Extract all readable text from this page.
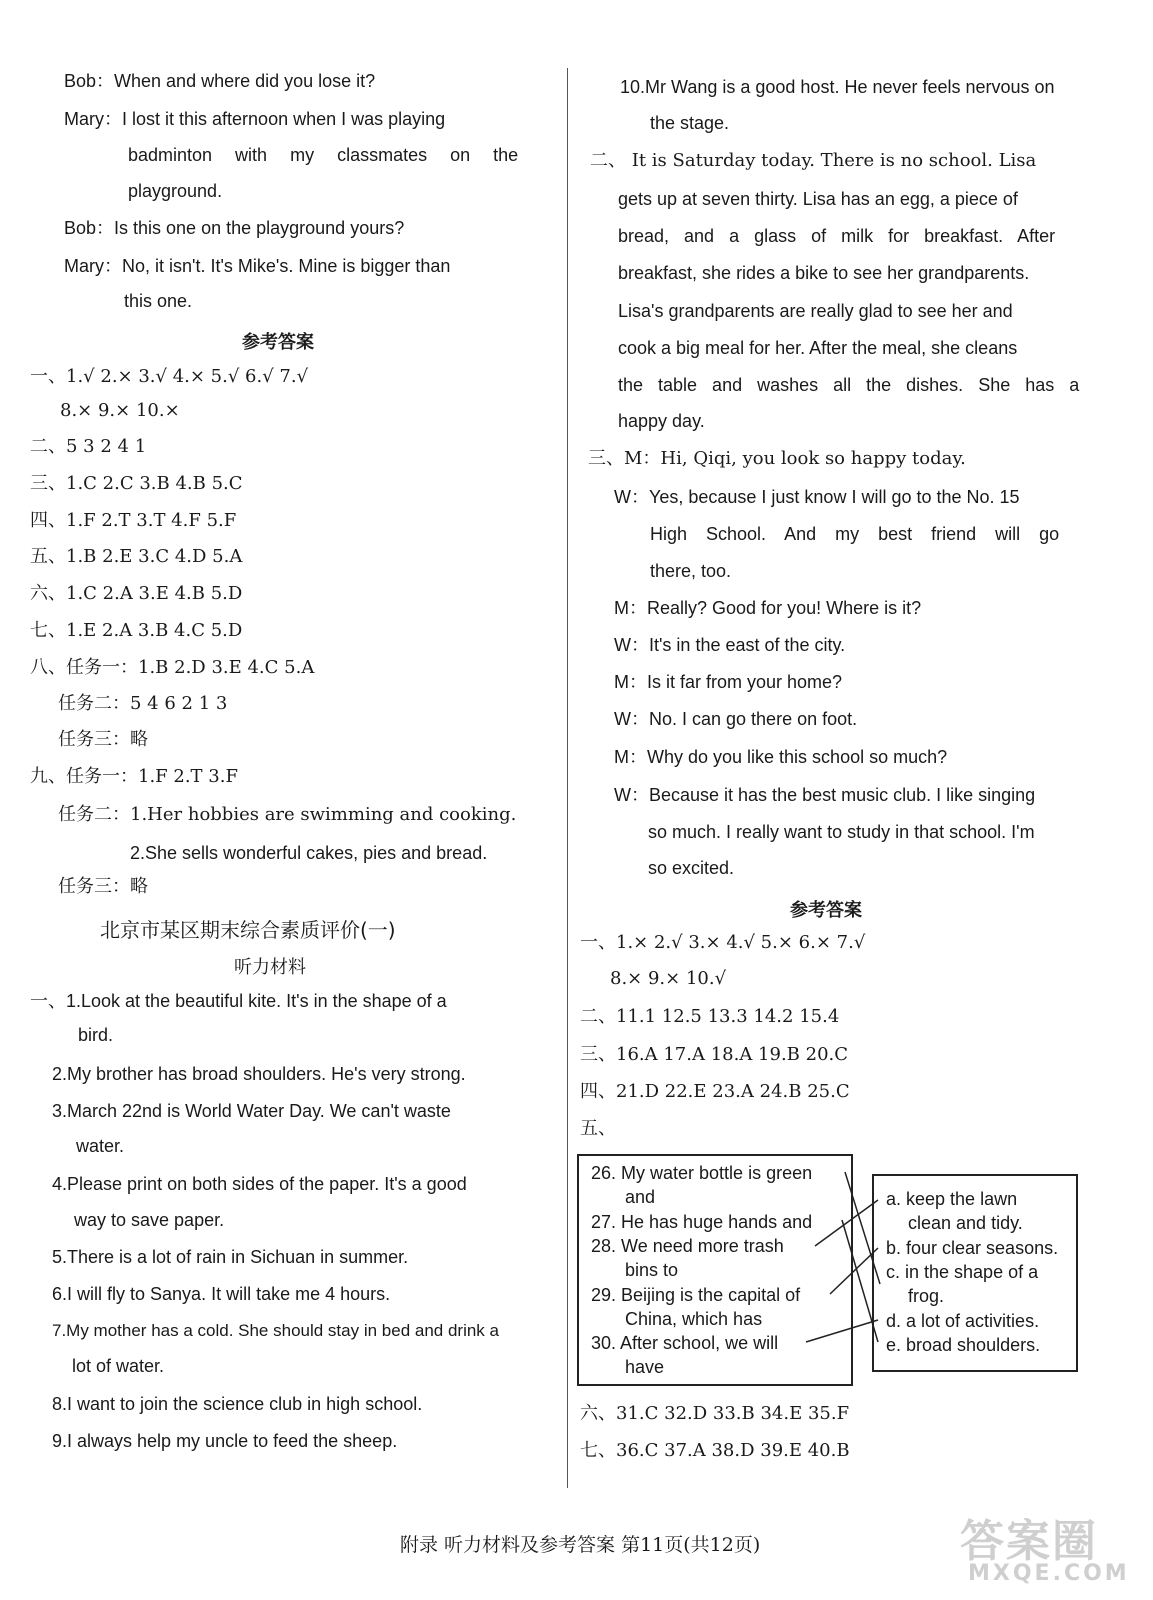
Bob：When and where did you lose it?
Mary：I lost it this afternoon when I was playing
badminton with my classmates on the
playground.
Bob：Is this one on the playground yours?
Mary：No, it isn't. It's Mike's. Mine is bigger than
this one.
参考答案
一、1.√ 2.× 3.√ 4.× 5.√ 6.√ 7.√
8.× 9.× 10.×
二、5 3 2 4 1
三、1.C 2.C 3.B 4.B 5.C
四、1.F 2.T 3.T 4.F 5.F
五、1.B 2.E 3.C 4.D 5.A
六、1.C 2.A 3.E 4.B 5.D
七、1.E 2.A 3.B 4.C 5.D
八、任务一：1.B 2.D 3.E 4.C 5.A
任务二：5 4 6 2 1 3
任务三：略
九、任务一：1.F 2.T 3.F
任务二：1.Her hobbies are swimming and cooking.
2.She sells wonderful cakes, pies and bread.
任务三：略
北京市某区期末综合素质评价(一)
听力材料
一、1.Look at the beautiful kite. It's in the shape of a
bird.
2.My brother has broad shoulders. He's very strong.
3.March 22nd is World Water Day. We can't waste
water.
4.Please print on both sides of the paper. It's a good
way to save paper.
5.There is a lot of rain in Sichuan in summer.
6.I will fly to Sanya. It will take me 4 hours.
7.My mother has a cold. She should stay in bed and drink a
lot of water.
8.I want to join the science club in high school.
9.I always help my uncle to feed the sheep.
10.Mr Wang is a good host. He never feels nervous on
the stage.
二、 It is Saturday today. There is no school. Lisa
gets up at seven thirty. Lisa has an egg, a piece of
bread, and a glass of milk for breakfast. After
breakfast, she rides a bike to see her grandparents.
Lisa's grandparents are really glad to see her and
cook a big meal for her. After the meal, she cleans
the table and washes all the dishes. She has a
happy day.
三、M：Hi, Qiqi, you look so happy today.
W：Yes, because I just know I will go to the No. 15
High School. And my best friend will go
there, too.
M：Really? Good for you! Where is it?
W：It's in the east of the city.
M：Is it far from your home?
W：No. I can go there on foot.
M：Why do you like this school so much?
W：Because it has the best music club. I like singing
so much. I really want to study in that school. I'm
so excited.
参考答案
一、1.× 2.√ 3.× 4.√ 5.× 6.× 7.√
8.× 9.× 10.√
二、11.1 12.5 13.3 14.2 15.4
三、16.A 17.A 18.A 19.B 20.C
四、21.D 22.E 23.A 24.B 25.C
五、
26. My water bottle is green
and
27. He has huge hands and
28. We need more trash
bins to
29. Beijing is the capital of
China, which has
30. After school, we will
have
a. keep the lawn
clean and tidy.
b. four clear seasons.
c. in the shape of a
frog.
d. a lot of activities.
e. broad shoulders.
六、31.C 32.D 33.B 34.E 35.F
七、36.C 37.A 38.D 39.E 40.B
附录 听力材料及参考答案 第11页(共12页)	答案圈
MXQE.COM
